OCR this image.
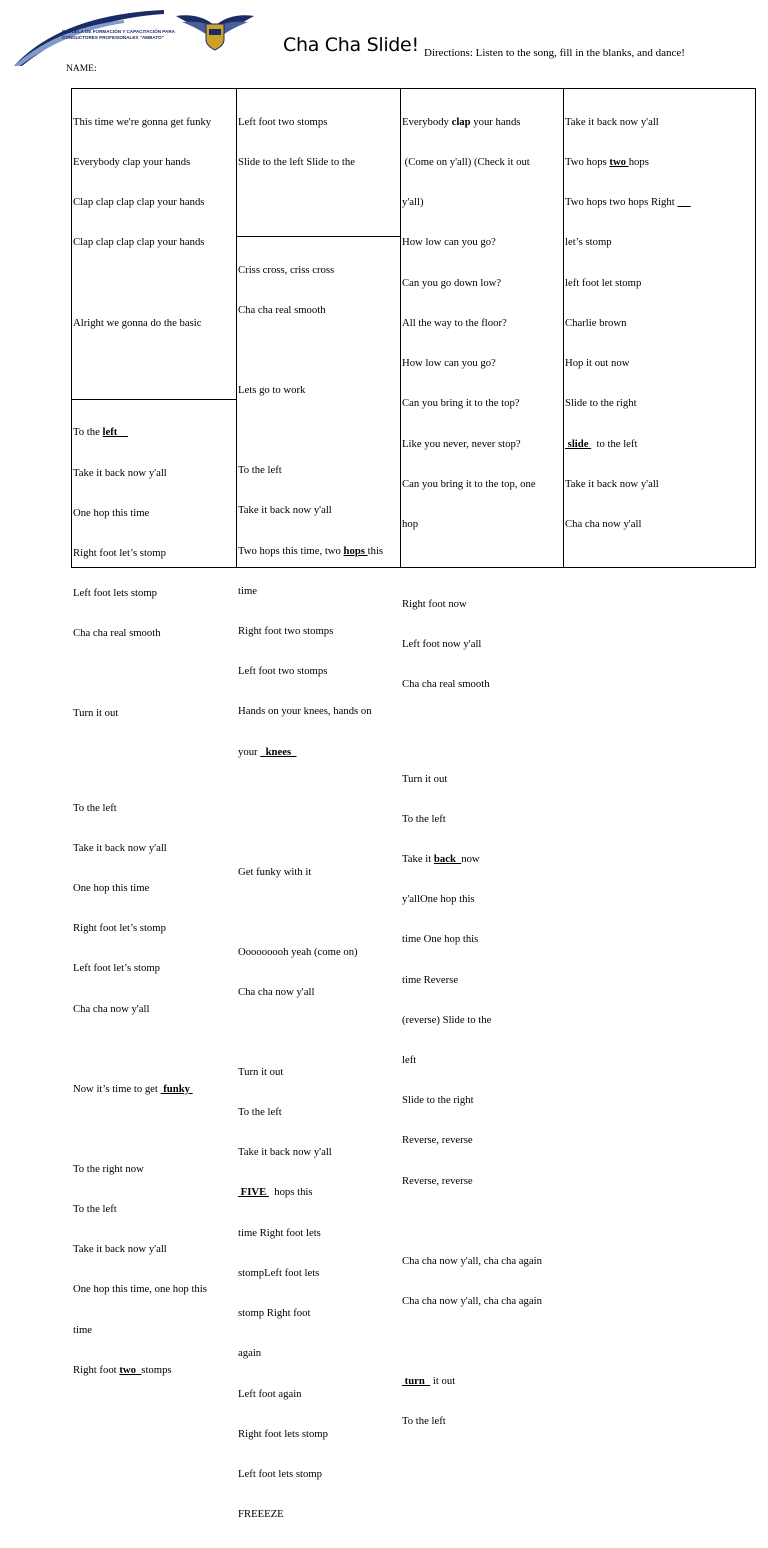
ESCUELA DE FORMACIÓN Y CAPACITACIÓN PARA
CONDUCTORES PROFESIONALES "AMBATO"	Cha Cha Slide! Directions: Listen to the song, fill in the blanks, and dance!
NAME:

This time we're gonna get funky

Everybody clap your hands

Clap clap clap clap your hands

Clap clap clap clap your hands

Alright we gonna do the basic

To the left

Take it back now y'all

One hop this time

Right foot let’s stomp

Left foot lets stomp

Cha cha real smooth

Turn it out

To the left

Take it back now y'all

One hop this time

Right foot let’s stomp

Left foot let’s stomp

Cha cha now y'all

Now it’s time to get  funky

To the right now

To the left

Take it back now y'all

One hop this time, one hop this

time

Right foot two  stomps

Left foot two stomps

Slide to the left Slide to the

Criss cross, criss cross

Cha cha real smooth

Lets go to work

To the left

Take it back now y'all

Two hops this time, two hops this

time

Right foot two stomps

Left foot two stomps

Hands on your knees, hands on

your   knees

Get funky with it

Ooooooooh yeah (come on)

Cha cha now y'all

Turn it out

To the left

Take it back now y'all

FIVE   hops this

time Right foot lets

stompLeft foot lets

stomp Right foot

again

Left foot again

Right foot lets stomp

Left foot lets stomp

FREEEZE

Everybody clap your hands

(Come on y'all) (Check it out

y'all)

How low can you go?

Can you go down low?

All the way to the floor?

How low can you go?

Can you bring it to the top?

Like you never, never stop?

Can you bring it to the top, one

hop

Right foot now

Left foot now y'all

Cha cha real smooth

Turn it out

To the left

Take it back  now

y'allOne hop this

time One hop this

time Reverse

(reverse) Slide to the

left

Slide to the right

Reverse, reverse

Reverse, reverse

Cha cha now y'all, cha cha again

Cha cha now y'all, cha cha again

turn   it out

To the left

Take it back now y'all

Two hops two hops

Two hops two hops Right

let’s stomp

left foot let stomp

Charlie brown

Hop it out now

Slide to the right

slide   to the left

Take it back now y'all

Cha cha now y'all
